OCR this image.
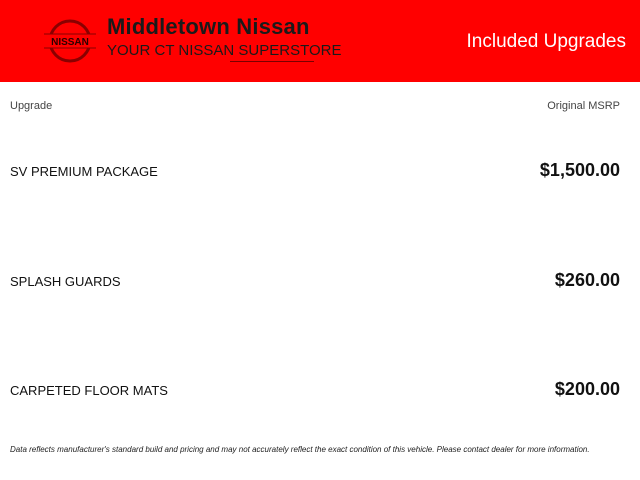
NISSAN
Middletown Nissan
YOUR CT NISSAN SUPERSTORE	Included Upgrades
Upgrade	Original MSRP
SV PREMIUM PACKAGE	$1,500.00
SPLASH GUARDS	$260.00
CARPETED FLOOR MATS	$200.00
Data reflects manufacturer's standard build and pricing and may not accurately reflect the exact condition of this vehicle. Please contact dealer for more information.
